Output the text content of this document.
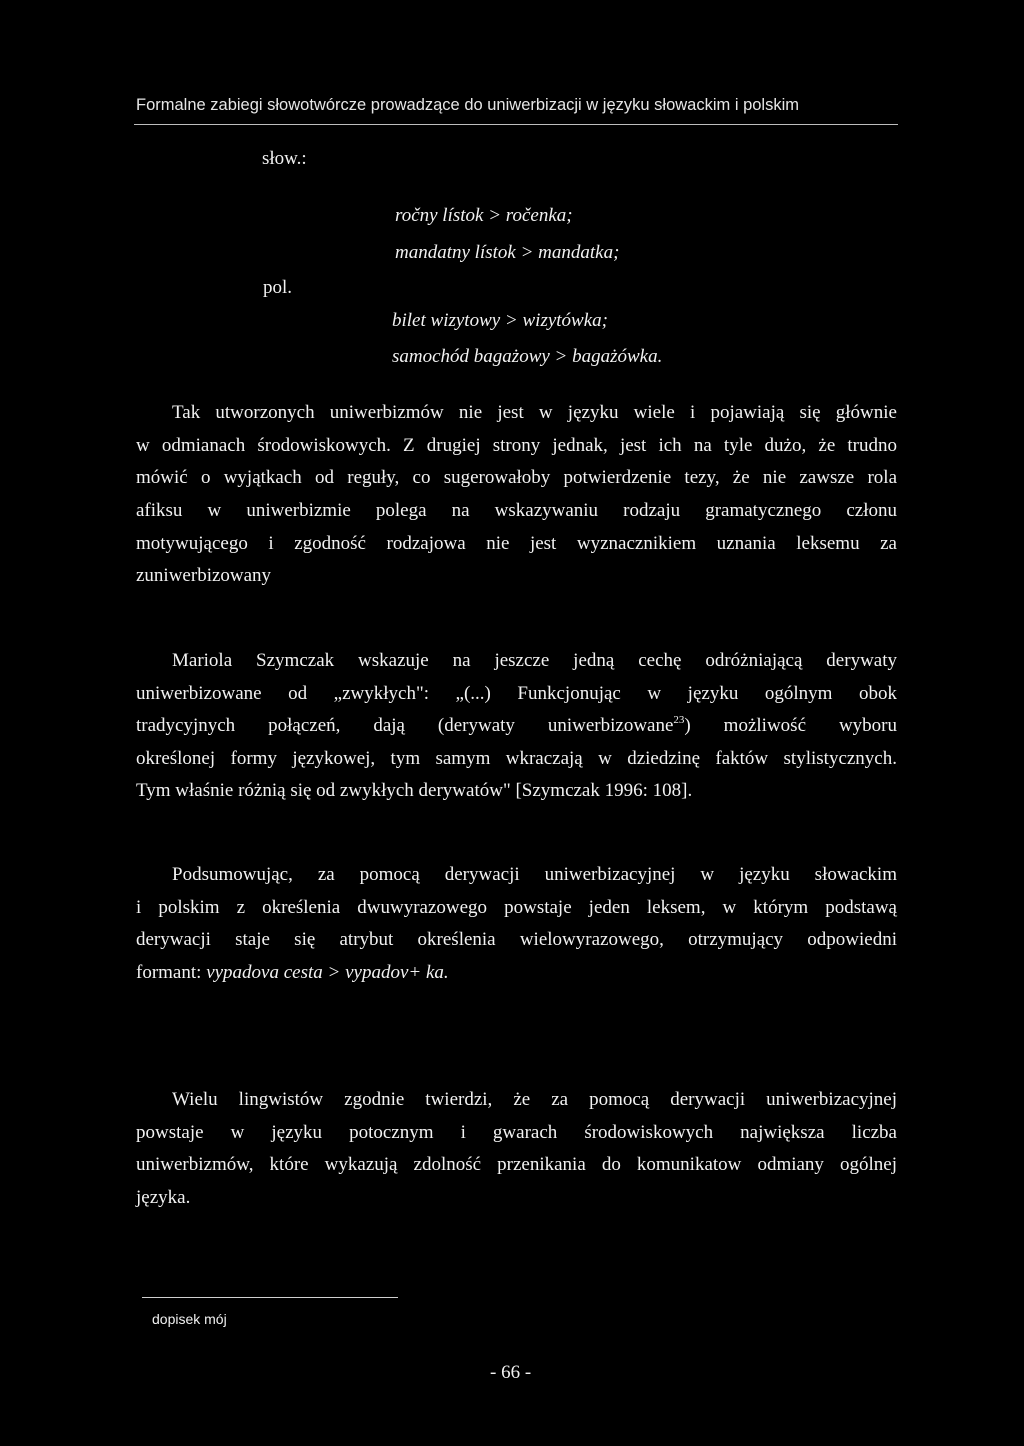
Formalne zabiegi słowotwórcze prowadzące do uniwerbizacji w języku słowackim i polskim
słow.:
ročny lístok > ročenka;
mandatny lístok > mandatka;
pol.
bilet wizytowy > wizytówka;
samochód bagażowy > bagażówka.
Tak utworzonych uniwerbizmów nie jest w języku wiele i pojawiają się głównie
w odmianach środowiskowych. Z drugiej strony jednak, jest ich na tyle dużo, że trudno
mówić o wyjątkach od reguły, co sugerowałoby potwierdzenie tezy, że nie zawsze rola
afiksu w uniwerbizmie polega na wskazywaniu rodzaju gramatycznego członu
motywującego i zgodność rodzajowa nie jest wyznacznikiem uznania leksemu za
zuniwerbizowany
Mariola Szymczak wskazuje na jeszcze jedną cechę odróżniającą derywaty
uniwerbizowane od „zwykłych": „(...) Funkcjonując w języku ogólnym obok
tradycyjnych połączeń, dają (derywaty uniwerbizowane$^{23}$) możliwość wyboru
określonej formy językowej, tym samym wkraczają w dziedzinę faktów stylistycznych.
Tym właśnie różnią się od zwykłych derywatów" [Szymczak 1996: 108].
Podsumowując, za pomocą derywacji uniwerbizacyjnej w języku słowackim
i polskim z określenia dwuwyrazowego powstaje jeden leksem, w którym podstawą
derywacji staje się atrybut określenia wielowyrazowego, otrzymujący odpowiedni
formant: vypadova cesta > vypadov+ ka.
Wielu lingwistów zgodnie twierdzi, że za pomocą derywacji uniwerbizacyjnej
powstaje w języku potocznym i gwarach środowiskowych największa liczba
uniwerbizmów, które wykazują zdolność przenikania do komunikatow odmiany ogólnej
języka.
dopisek mój
- 66 -
